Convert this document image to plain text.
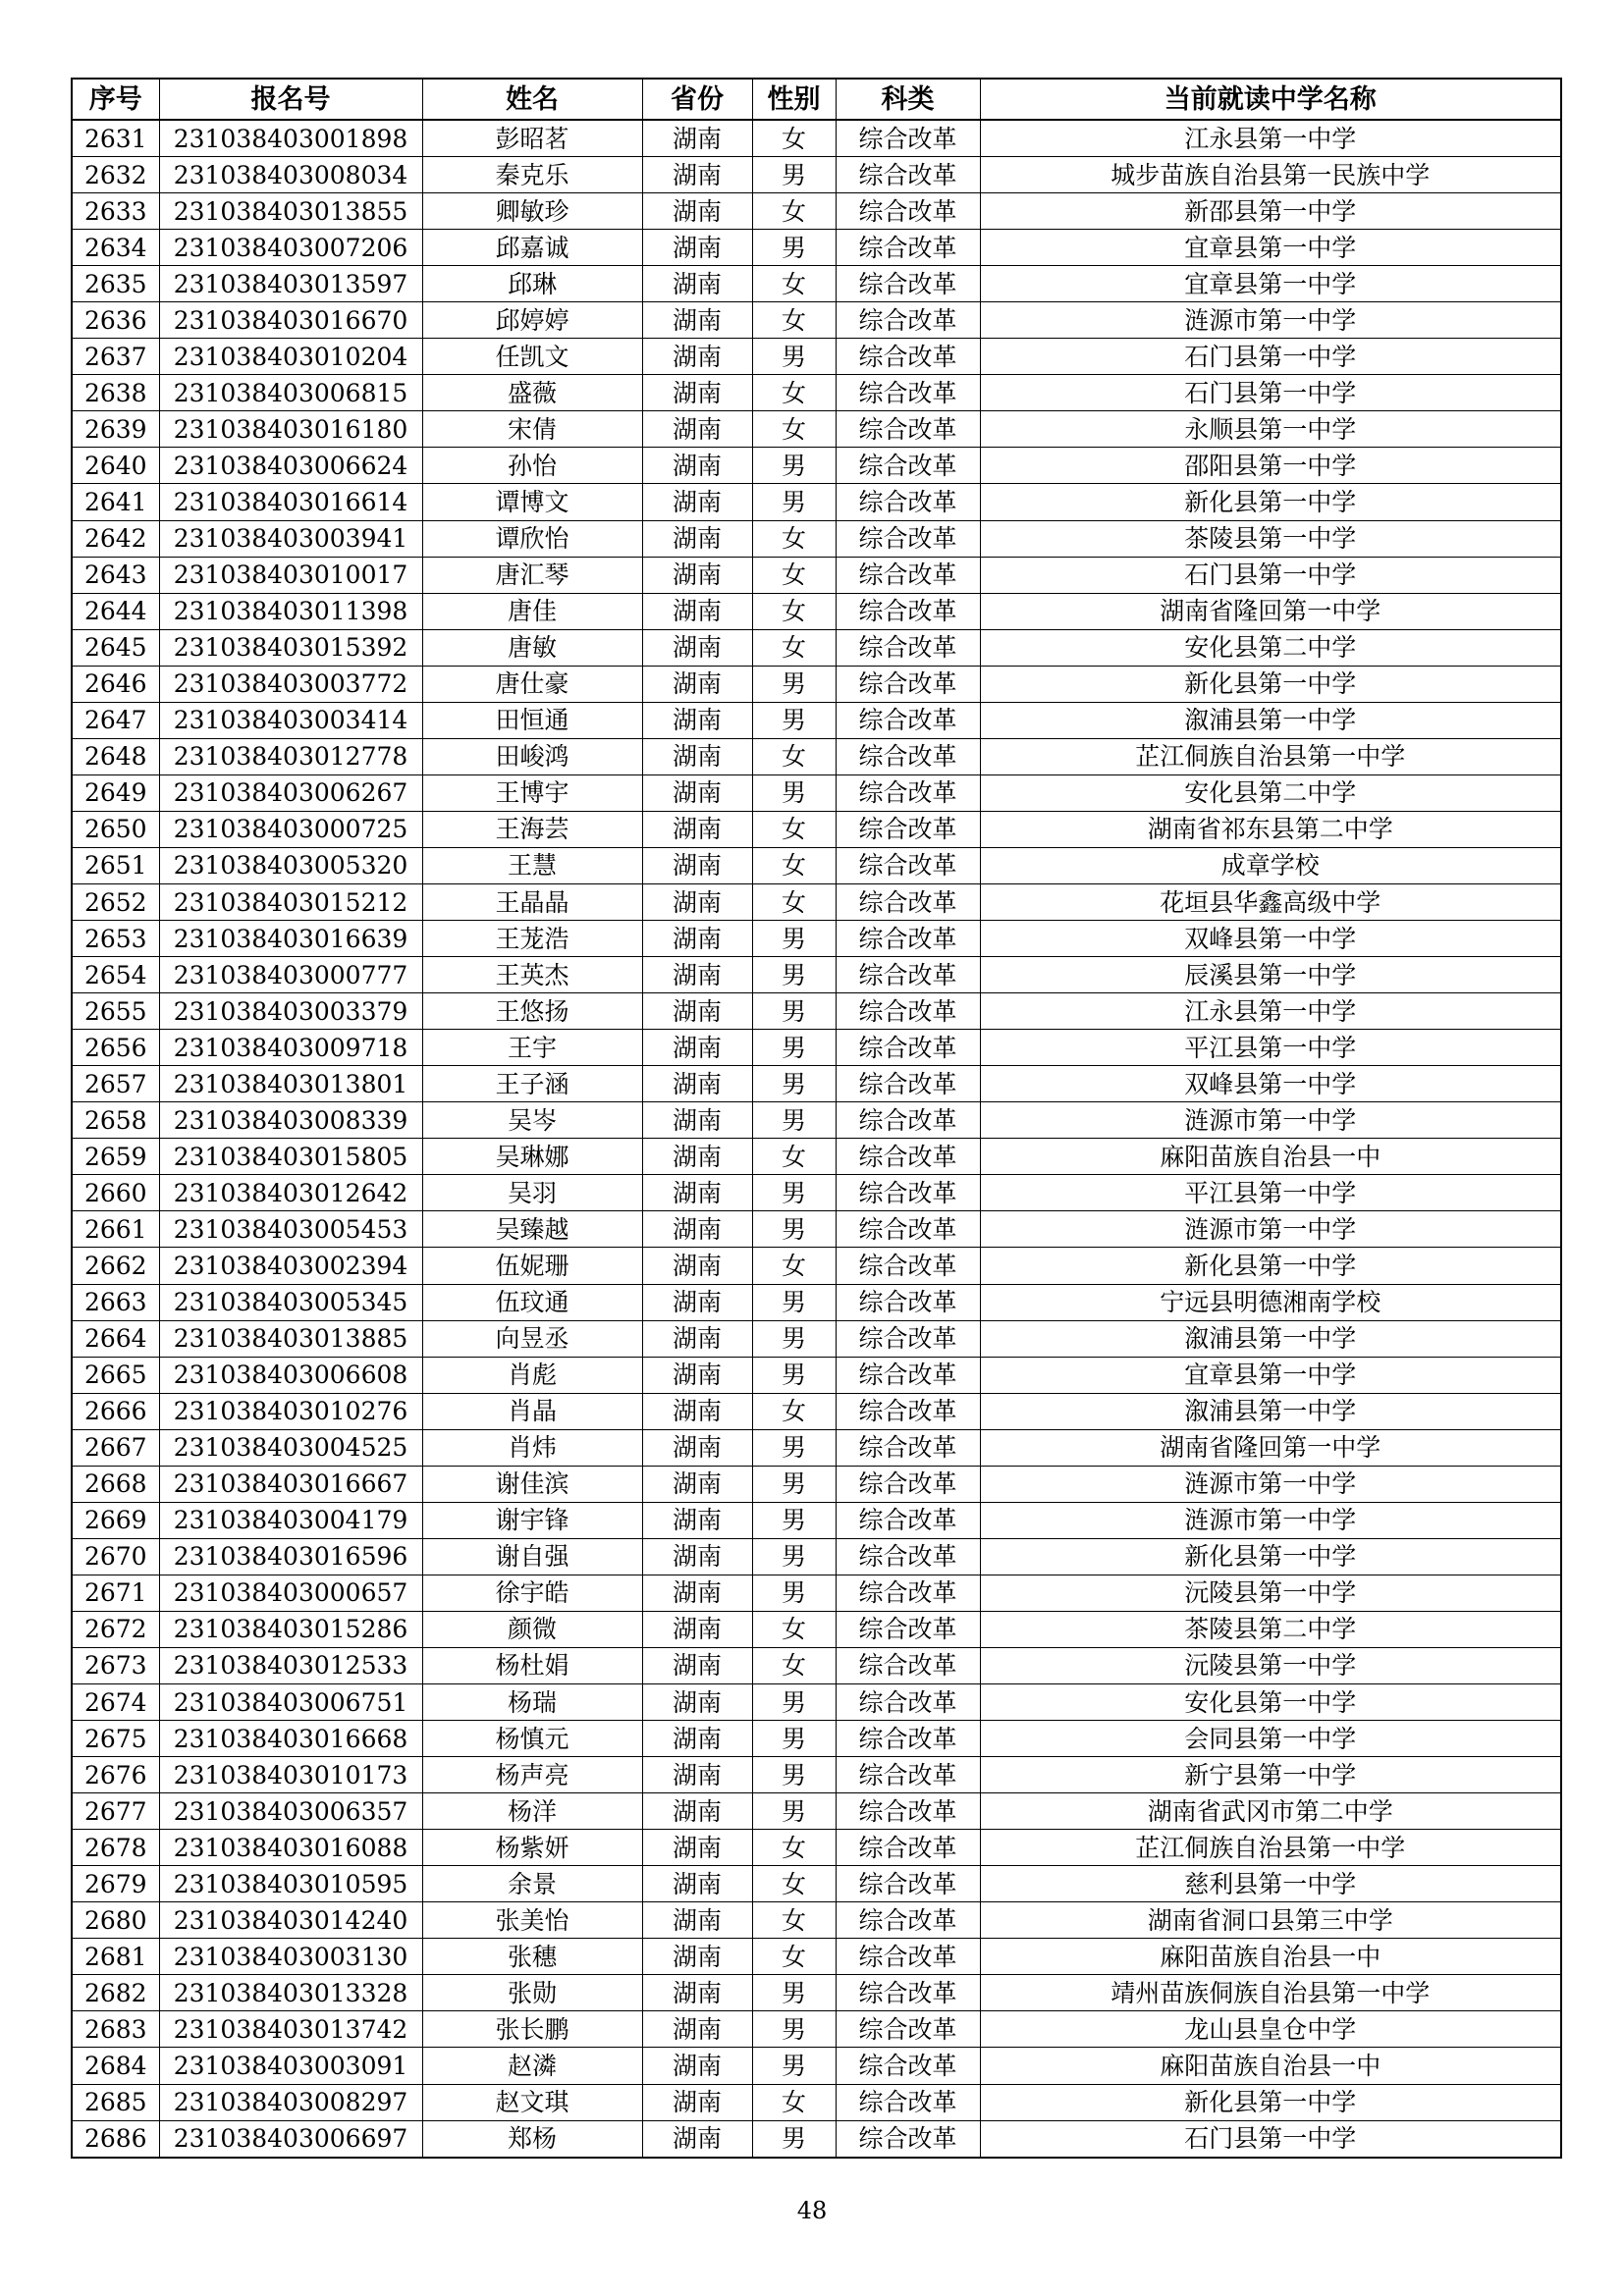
序号	报名号	姓名	省份	性别	科类	当前就读中学名称
2631	231038403001898	彭昭茗	湖南	女	综合改革	江永县第一中学
2632	231038403008034	秦克乐	湖南	男	综合改革	城步苗族自治县第一民族中学
2633	231038403013855	卿敏珍	湖南	女	综合改革	新邵县第一中学
2634	231038403007206	邱嘉诚	湖南	男	综合改革	宜章县第一中学
2635	231038403013597	邱琳	湖南	女	综合改革	宜章县第一中学
2636	231038403016670	邱婷婷	湖南	女	综合改革	涟源市第一中学
2637	231038403010204	任凯文	湖南	男	综合改革	石门县第一中学
2638	231038403006815	盛薇	湖南	女	综合改革	石门县第一中学
2639	231038403016180	宋倩	湖南	女	综合改革	永顺县第一中学
2640	231038403006624	孙怡	湖南	男	综合改革	邵阳县第一中学
2641	231038403016614	谭博文	湖南	男	综合改革	新化县第一中学
2642	231038403003941	谭欣怡	湖南	女	综合改革	茶陵县第一中学
2643	231038403010017	唐汇琴	湖南	女	综合改革	石门县第一中学
2644	231038403011398	唐佳	湖南	女	综合改革	湖南省隆回第一中学
2645	231038403015392	唐敏	湖南	女	综合改革	安化县第二中学
2646	231038403003772	唐仕豪	湖南	男	综合改革	新化县第一中学
2647	231038403003414	田恒通	湖南	男	综合改革	溆浦县第一中学
2648	231038403012778	田峻鸿	湖南	女	综合改革	芷江侗族自治县第一中学
2649	231038403006267	王博宇	湖南	男	综合改革	安化县第二中学
2650	231038403000725	王海芸	湖南	女	综合改革	湖南省祁东县第二中学
2651	231038403005320	王慧	湖南	女	综合改革	成章学校
2652	231038403015212	王晶晶	湖南	女	综合改革	花垣县华鑫高级中学
2653	231038403016639	王茏浩	湖南	男	综合改革	双峰县第一中学
2654	231038403000777	王英杰	湖南	男	综合改革	辰溪县第一中学
2655	231038403003379	王悠扬	湖南	男	综合改革	江永县第一中学
2656	231038403009718	王宇	湖南	男	综合改革	平江县第一中学
2657	231038403013801	王子涵	湖南	男	综合改革	双峰县第一中学
2658	231038403008339	吴岑	湖南	男	综合改革	涟源市第一中学
2659	231038403015805	吴琳娜	湖南	女	综合改革	麻阳苗族自治县一中
2660	231038403012642	吴羽	湖南	男	综合改革	平江县第一中学
2661	231038403005453	吴臻越	湖南	男	综合改革	涟源市第一中学
2662	231038403002394	伍妮珊	湖南	女	综合改革	新化县第一中学
2663	231038403005345	伍玟通	湖南	男	综合改革	宁远县明德湘南学校
2664	231038403013885	向昱丞	湖南	男	综合改革	溆浦县第一中学
2665	231038403006608	肖彪	湖南	男	综合改革	宜章县第一中学
2666	231038403010276	肖晶	湖南	女	综合改革	溆浦县第一中学
2667	231038403004525	肖炜	湖南	男	综合改革	湖南省隆回第一中学
2668	231038403016667	谢佳滨	湖南	男	综合改革	涟源市第一中学
2669	231038403004179	谢宇锋	湖南	男	综合改革	涟源市第一中学
2670	231038403016596	谢自强	湖南	男	综合改革	新化县第一中学
2671	231038403000657	徐宇皓	湖南	男	综合改革	沅陵县第一中学
2672	231038403015286	颜微	湖南	女	综合改革	茶陵县第二中学
2673	231038403012533	杨杜娟	湖南	女	综合改革	沅陵县第一中学
2674	231038403006751	杨瑞	湖南	男	综合改革	安化县第一中学
2675	231038403016668	杨慎元	湖南	男	综合改革	会同县第一中学
2676	231038403010173	杨声亮	湖南	男	综合改革	新宁县第一中学
2677	231038403006357	杨洋	湖南	男	综合改革	湖南省武冈市第二中学
2678	231038403016088	杨紫妍	湖南	女	综合改革	芷江侗族自治县第一中学
2679	231038403010595	余景	湖南	女	综合改革	慈利县第一中学
2680	231038403014240	张美怡	湖南	女	综合改革	湖南省洞口县第三中学
2681	231038403003130	张穗	湖南	女	综合改革	麻阳苗族自治县一中
2682	231038403013328	张勋	湖南	男	综合改革	靖州苗族侗族自治县第一中学
2683	231038403013742	张长鹏	湖南	男	综合改革	龙山县皇仓中学
2684	231038403003091	赵潾	湖南	男	综合改革	麻阳苗族自治县一中
2685	231038403008297	赵文琪	湖南	女	综合改革	新化县第一中学
2686	231038403006697	郑杨	湖南	男	综合改革	石门县第一中学
48
